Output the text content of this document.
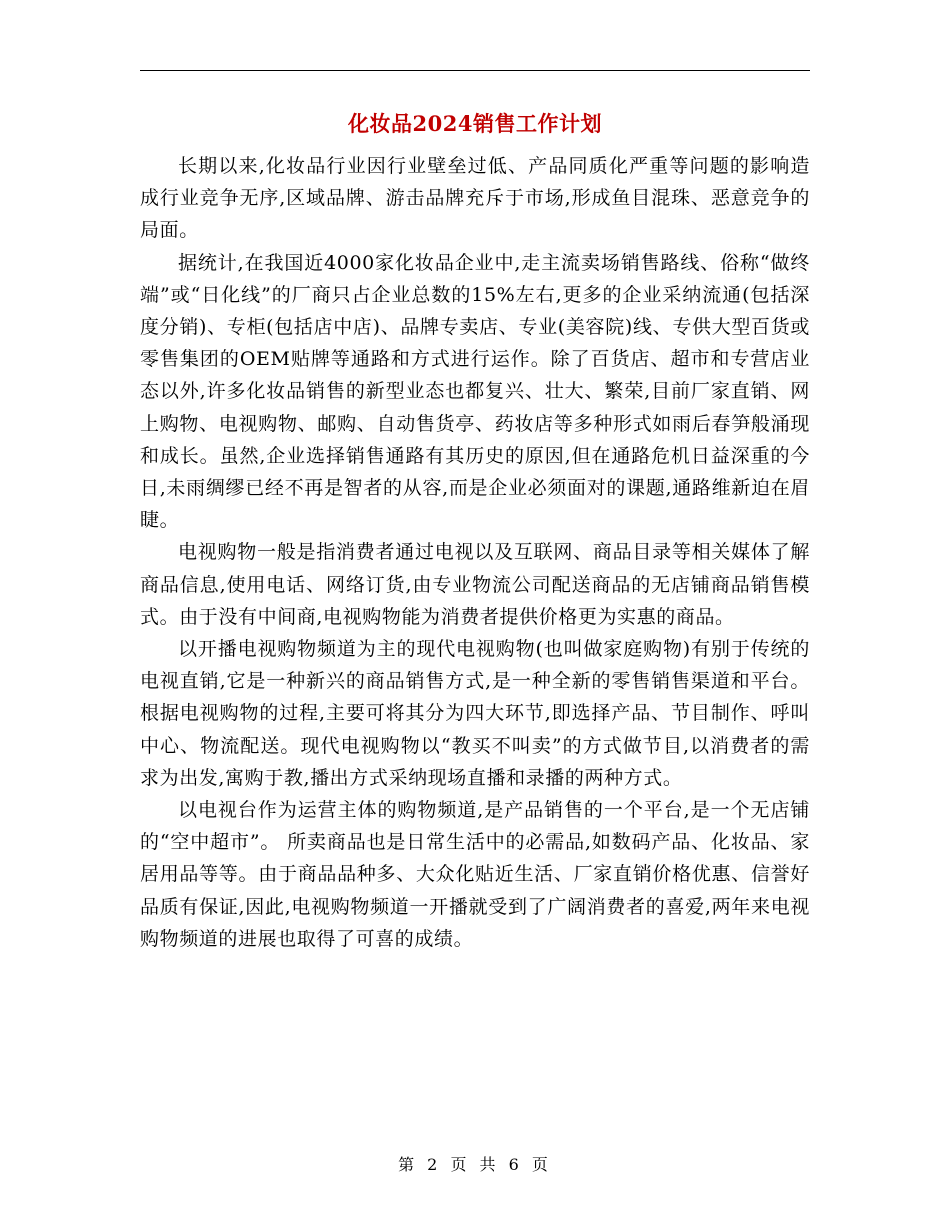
化妆品2024销售工作计划

长期以来,化妆品行业因行业壁垒过低、产品同质化严重等问题的影响造成行业竞争无序,区域品牌、游击品牌充斥于市场,形成鱼目混珠、恶意竞争的局面。

据统计,在我国近4000家化妆品企业中,走主流卖场销售路线、俗称“做终端”或“日化线”的厂商只占企业总数的15%左右,更多的企业采纳流通(包括深度分销)、专柜(包括店中店)、品牌专卖店、专业(美容院)线、专供大型百货或零售集团的OEM贴牌等通路和方式进行运作。除了百货店、超市和专营店业态以外,许多化妆品销售的新型业态也都复兴、壮大、繁荣,目前厂家直销、网上购物、电视购物、邮购、自动售货亭、药妆店等多种形式如雨后春笋般涌现和成长。虽然,企业选择销售通路有其历史的原因,但在通路危机日益深重的今日,未雨绸缪已经不再是智者的从容,而是企业必须面对的课题,通路维新迫在眉睫。

电视购物一般是指消费者通过电视以及互联网、商品目录等相关媒体了解商品信息,使用电话、网络订货,由专业物流公司配送商品的无店铺商品销售模式。由于没有中间商,电视购物能为消费者提供价格更为实惠的商品。

以开播电视购物频道为主的现代电视购物(也叫做家庭购物)有别于传统的电视直销,它是一种新兴的商品销售方式,是一种全新的零售销售渠道和平台。根据电视购物的过程,主要可将其分为四大环节,即选择产品、节目制作、呼叫中心、物流配送。现代电视购物以“教买不叫卖”的方式做节目,以消费者的需求为出发,寓购于教,播出方式采纳现场直播和录播的两种方式。

以电视台作为运营主体的购物频道,是产品销售的一个平台,是一个无店铺的“空中超市”。 所卖商品也是日常生活中的必需品,如数码产品、化妆品、家居用品等等。由于商品品种多、大众化贴近生活、厂家直销价格优惠、信誉好品质有保证,因此,电视购物频道一开播就受到了广阔消费者的喜爱,两年来电视购物频道的进展也取得了可喜的成绩。

第 2 页 共 6 页
